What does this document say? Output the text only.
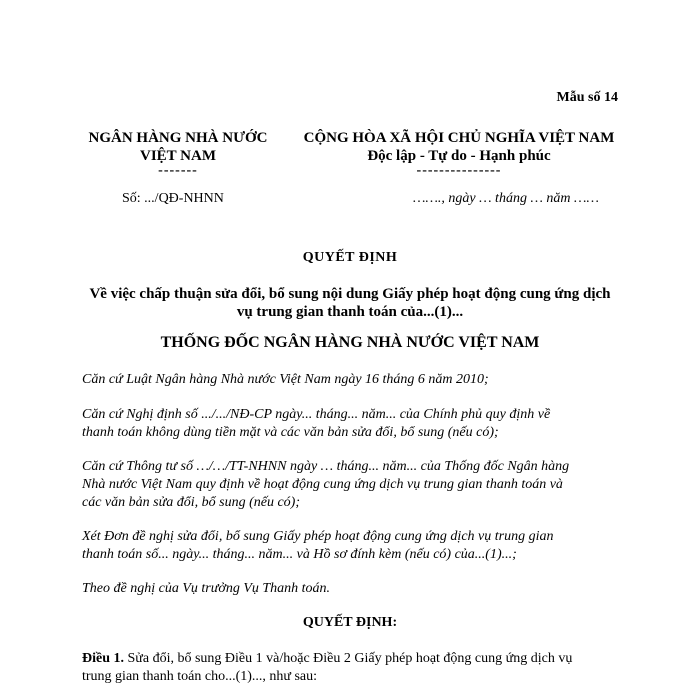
Mẫu số 14
NGÂN HÀNG NHÀ NƯỚC
VIỆT NAM
-------
Số: .../QĐ-NHNN
CỘNG HÒA XÃ HỘI CHỦ NGHĨA VIỆT NAM
Độc lập - Tự do - Hạnh phúc
---------------
……., ngày … tháng … năm ……
QUYẾT ĐỊNH
Về việc chấp thuận sửa đổi, bổ sung nội dung Giấy phép hoạt động cung ứng dịch
vụ trung gian thanh toán của...(1)...
THỐNG ĐỐC NGÂN HÀNG NHÀ NƯỚC VIỆT NAM
Căn cứ Luật Ngân hàng Nhà nước Việt Nam ngày 16 tháng 6 năm 2010;
Căn cứ Nghị định số .../.../NĐ-CP ngày... tháng... năm... của Chính phủ quy định về
thanh toán không dùng tiền mặt và các văn bản sửa đổi, bổ sung (nếu có);
Căn cứ Thông tư số …/…/TT-NHNN ngày … tháng... năm... của Thống đốc Ngân hàng
Nhà nước Việt Nam quy định về hoạt động cung ứng dịch vụ trung gian thanh toán và
các văn bản sửa đổi, bổ sung (nếu có);
Xét Đơn đề nghị sửa đổi, bổ sung Giấy phép hoạt động cung ứng dịch vụ trung gian
thanh toán số... ngày... tháng... năm... và Hồ sơ đính kèm (nếu có) của...(1)...;
Theo đề nghị của Vụ trưởng Vụ Thanh toán.
QUYẾT ĐỊNH:
Điều 1. Sửa đổi, bổ sung Điều 1 và/hoặc Điều 2 Giấy phép hoạt động cung ứng dịch vụ
trung gian thanh toán cho...(1)..., như sau:
